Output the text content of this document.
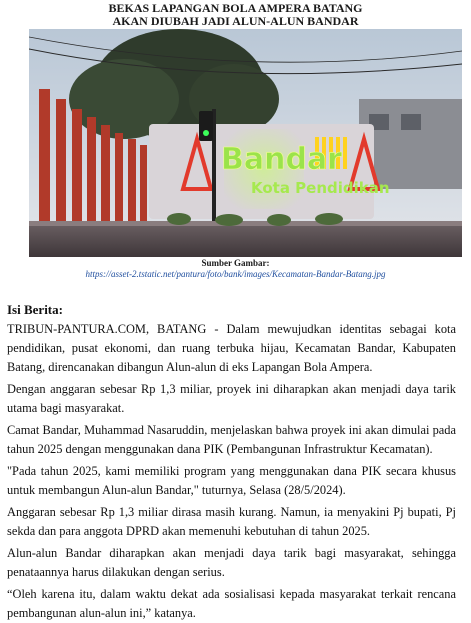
BEKAS LAPANGAN BOLA AMPERA BATANG
AKAN DIUBAH JADI ALUN-ALUN BANDAR
Bandar
Kota Pendidikan
Sumber Gambar:
https://asset-2.tstatic.net/pantura/foto/bank/images/Kecamatan-Bandar-Batang.jpg
Isi Berita:

TRIBUN-PANTURA.COM, BATANG - Dalam mewujudkan identitas sebagai kota pendidikan, pusat ekonomi, dan ruang terbuka hijau, Kecamatan Bandar, Kabupaten Batang, direncanakan dibangun Alun-alun di eks Lapangan Bola Ampera.

Dengan anggaran sebesar Rp 1,3 miliar, proyek ini diharapkan akan menjadi daya tarik utama bagi masyarakat.

Camat Bandar, Muhammad Nasaruddin, menjelaskan bahwa proyek ini akan dimulai pada tahun 2025 dengan menggunakan dana PIK (Pembangunan Infrastruktur Kecamatan).

"Pada tahun 2025, kami memiliki program yang menggunakan dana PIK secara khusus untuk membangun Alun-alun Bandar," tuturnya, Selasa (28/5/2024).

Anggaran sebesar Rp 1,3 miliar dirasa masih kurang. Namun, ia menyakini Pj bupati, Pj sekda dan para anggota DPRD akan memenuhi kebutuhan di tahun 2025.

Alun-alun Bandar diharapkan akan menjadi daya tarik bagi masyarakat, sehingga penataannya harus dilakukan dengan serius.

“Oleh karena itu, dalam waktu dekat ada sosialisasi kepada masyarakat terkait rencana pembangunan alun-alun ini,” katanya.
